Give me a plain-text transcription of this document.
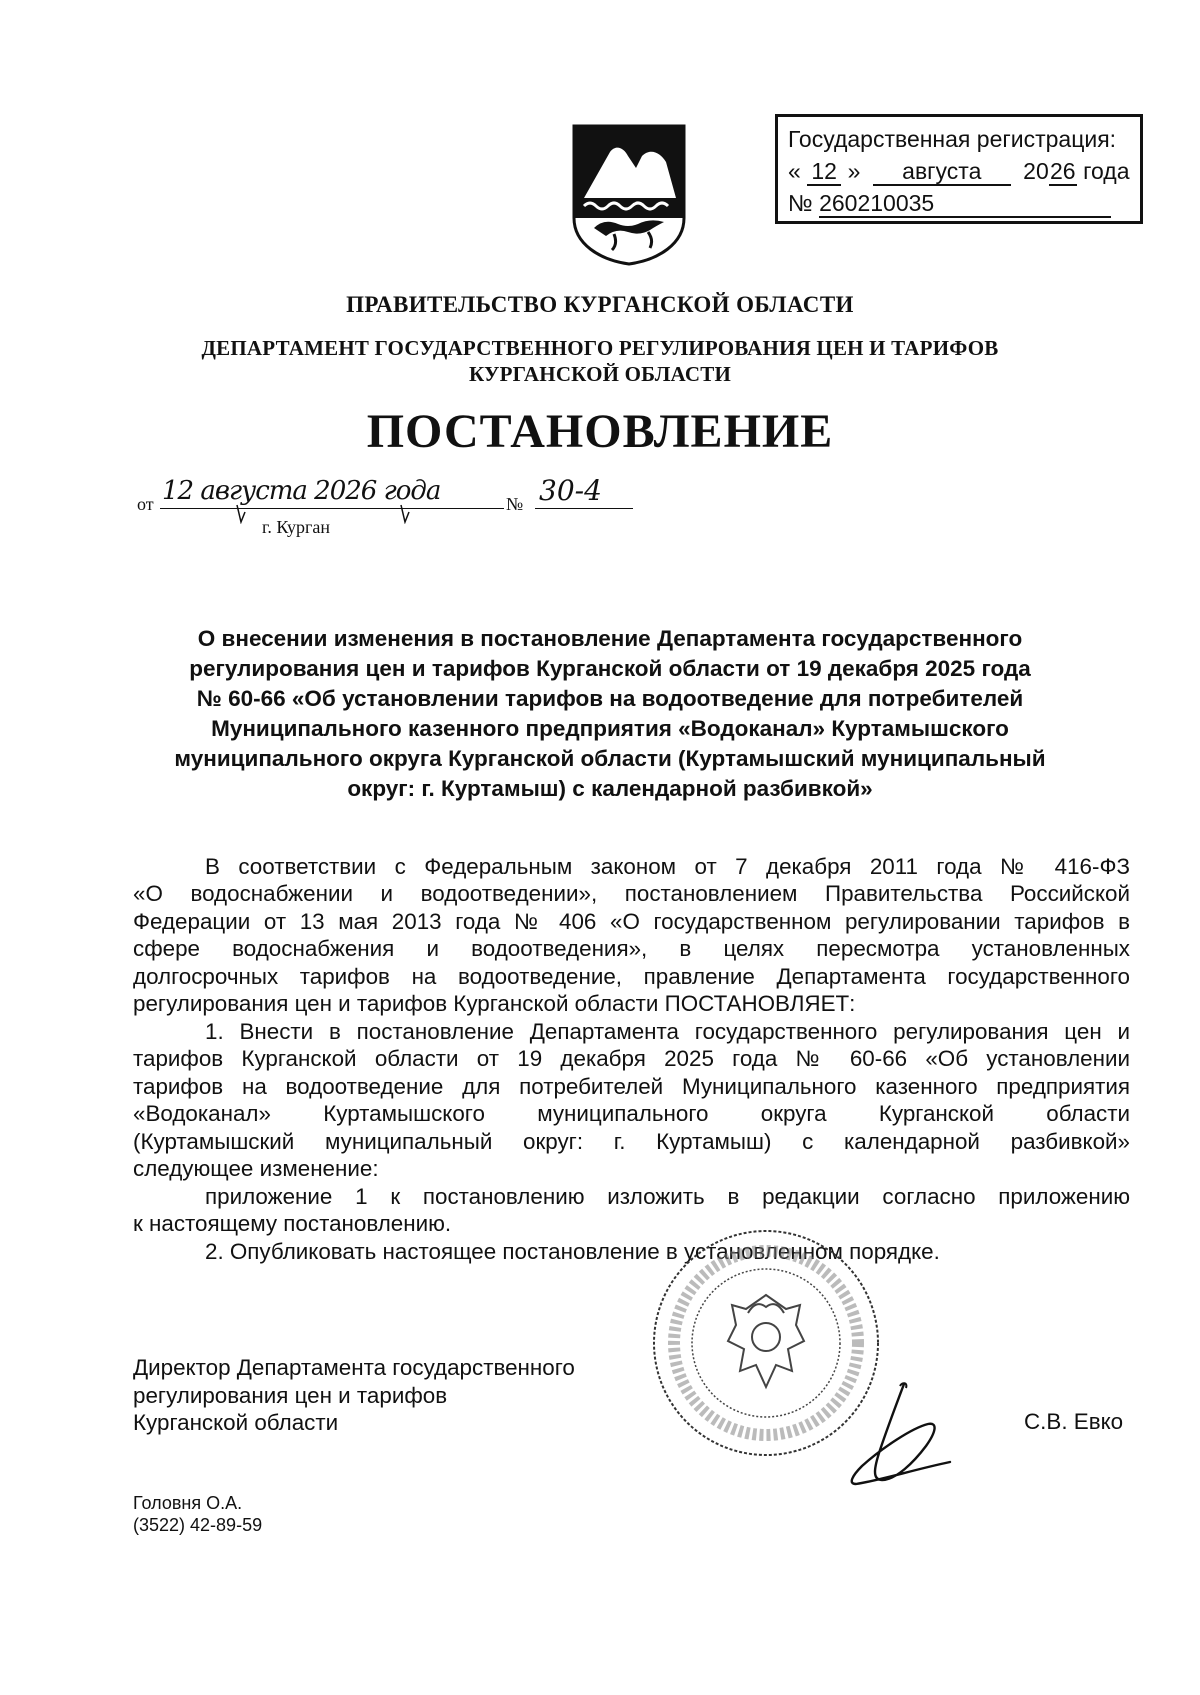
Государственная регистрация:
« 12 » августа 2026 года
№ 260210035
ПРАВИТЕЛЬСТВО КУРГАНСКОЙ ОБЛАСТИ
ДЕПАРТАМЕНТ ГОСУДАРСТВЕННОГО РЕГУЛИРОВАНИЯ ЦЕН И ТАРИФОВ
КУРГАНСКОЙ ОБЛАСТИ
ПОСТАНОВЛЕНИЕ
от 12 августа 2026 года	№ 30-4
г. Курган
О внесении изменения в постановление Департамента государственного
регулирования цен и тарифов Курганской области от 19 декабря 2025 года
№ 60-66 «Об установлении тарифов на водоотведение для потребителей
Муниципального казенного предприятия «Водоканал» Куртамышского
муниципального округа Курганской области (Куртамышский муниципальный
округ: г. Куртамыш) с календарной разбивкой»
В соответствии с Федеральным законом от 7 декабря 2011 года № 416-ФЗ
«О водоснабжении и водоотведении», постановлением Правительства Российской
Федерации от 13 мая 2013 года № 406 «О государственном регулировании тарифов в
сфере водоснабжения и водоотведения», в целях пересмотра установленных
долгосрочных тарифов на водоотведение, правление Департамента государственного
регулирования цен и тарифов Курганской области ПОСТАНОВЛЯЕТ:
1. Внести в постановление Департамента государственного регулирования цен и
тарифов Курганской области от 19 декабря 2025 года № 60-66 «Об установлении
тарифов на водоотведение для потребителей Муниципального казенного предприятия
«Водоканал» Куртамышского муниципального округа Курганской области
(Куртамышский муниципальный округ: г. Куртамыш) с календарной разбивкой»
следующее изменение:
приложение 1 к постановлению изложить в редакции согласно приложению
к настоящему постановлению.
2. Опубликовать настоящее постановление в установленном порядке.
Директор Департамента государственного
регулирования цен и тарифов
Курганской области	С.В. Евко
Головня О.А.
(3522) 42-89-59
